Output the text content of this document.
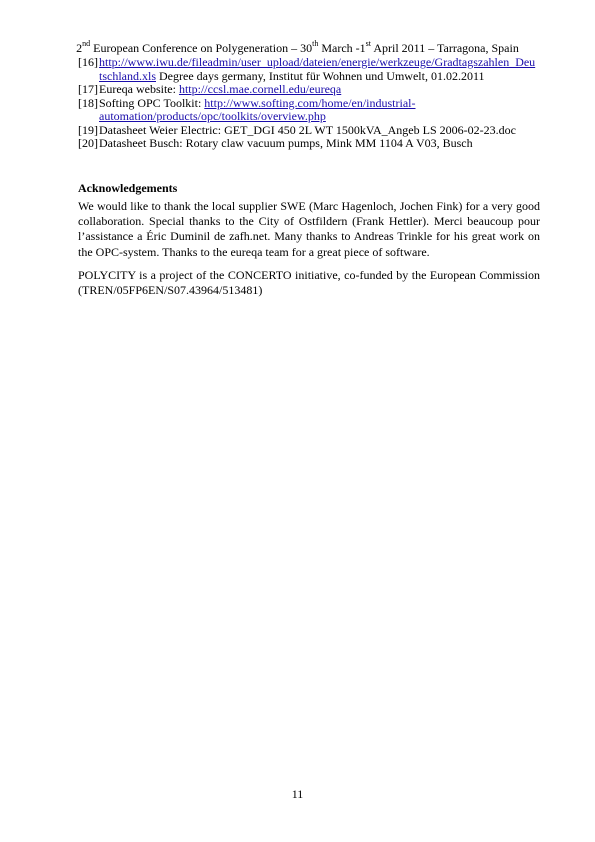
2nd European Conference on Polygeneration – 30th March -1st April 2011 – Tarragona, Spain
[16] http://www.iwu.de/fileadmin/user_upload/dateien/energie/werkzeuge/Gradtagszahlen_Deu
tschland.xls Degree days germany, Institut für Wohnen und Umwelt, 01.02.2011
[17] Eureqa website: http://ccsl.mae.cornell.edu/eureqa
[18] Softing OPC Toolkit: http://www.softing.com/home/en/industrial-
automation/products/opc/toolkits/overview.php
[19] Datasheet Weier Electric: GET_DGI 450 2L WT 1500kVA_Angeb LS 2006-02-23.doc
[20] Datasheet Busch: Rotary claw vacuum pumps, Mink MM 1104 A V03, Busch
Acknowledgements
We would like to thank the local supplier SWE (Marc Hagenloch, Jochen Fink) for a very good collaboration. Special thanks to the City of Ostfildern (Frank Hettler). Merci beaucoup pour l’assistance a Éric Duminil de zafh.net. Many thanks to Andreas Trinkle for his great work on the OPC-system. Thanks to the eureqa team for a great piece of software.
POLYCITY is a project of the CONCERTO initiative, co-funded by the European Commission (TREN/05FP6EN/S07.43964/513481)
11
